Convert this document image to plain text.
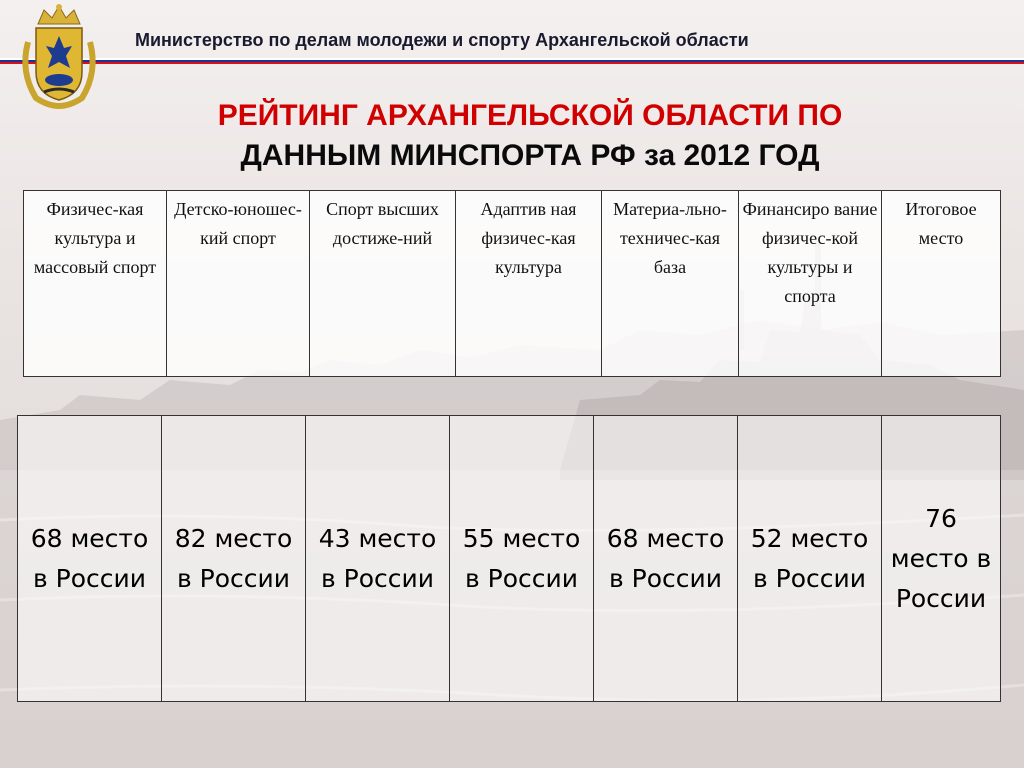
Министерство по делам молодежи и спорту Архангельской области
РЕЙТИНГ АРХАНГЕЛЬСКОЙ ОБЛАСТИ ПО
ДАННЫМ МИНСПОРТА РФ за 2012 ГОД
Физичес-кая культура и массовый спорт	Детско-юношес-кий спорт	Спорт высших достиже-ний	Адаптив ная физичес-кая культура	Материа-льно-техничес-кая база	Финансиро вание физичес-кой культуры и спорта	Итоговое место
68 место в России	82 место в России	43 место в России	55 место в России	68 место в России	52 место в России	76 место в России
